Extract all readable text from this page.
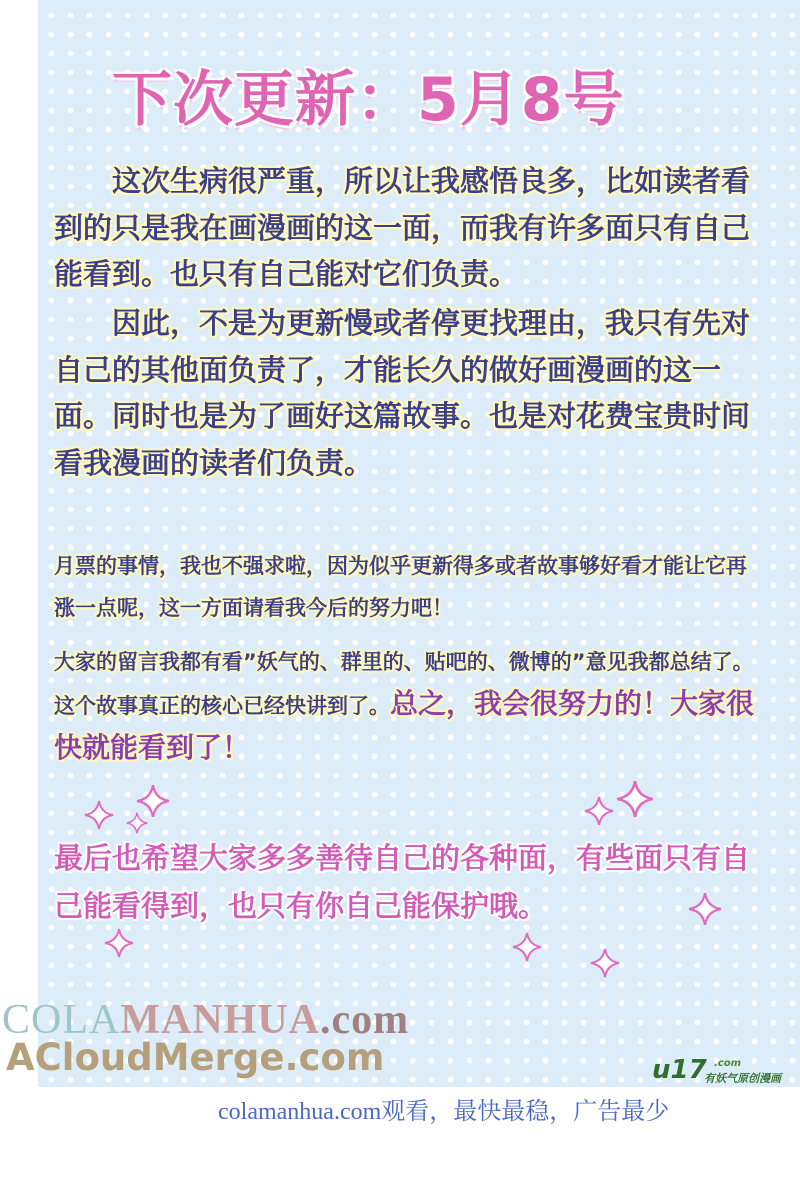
下次更新：5月8号

这次生病很严重，所以让我感悟良多，比如读者看到的只是我在画漫画的这一面，而我有许多面只有自己能看到。也只有自己能对它们负责。

因此，不是为更新慢或者停更找理由，我只有先对自己的其他面负责了，才能长久的做好画漫画的这一面。同时也是为了画好这篇故事。也是对花费宝贵时间看我漫画的读者们负责。

月票的事情，我也不强求啦，因为似乎更新得多或者故事够好看才能让它再涨一点呢，这一方面请看我今后的努力吧！

大家的留言我都有看”妖气的、群里的、贴吧的、微博的”意见我都总结了。这个故事真正的核心已经快讲到了。总之，我会很努力的！大家很快就能看到了！

最后也希望大家多多善待自己的各种面，有些面只有自己能看得到，也只有你自己能保护哦。

COLAMANHUA.com
ACloudMerge.com	u17 .com
有妖气原创漫画
colamanhua.com观看，最快最稳，广告最少
